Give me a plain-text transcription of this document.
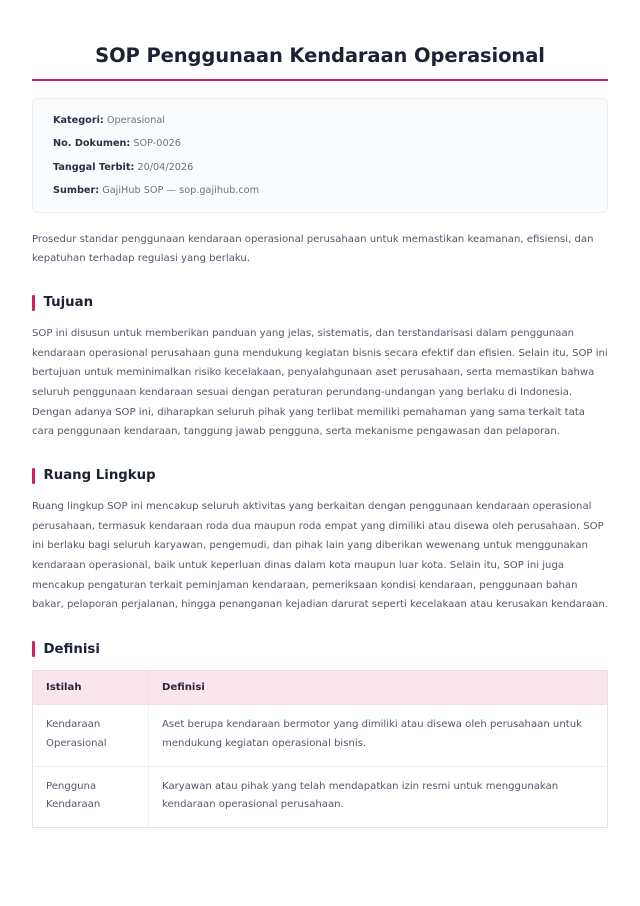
SOP Penggunaan Kendaraan Operasional
Kategori: Operasional
No. Dokumen: SOP-0026
Tanggal Terbit: 20/04/2026
Sumber: GajiHub SOP — sop.gajihub.com

Prosedur standar penggunaan kendaraan operasional perusahaan untuk memastikan keamanan, efisiensi, dan kepatuhan terhadap regulasi yang berlaku.

Tujuan

SOP ini disusun untuk memberikan panduan yang jelas, sistematis, dan terstandarisasi dalam penggunaan kendaraan operasional perusahaan guna mendukung kegiatan bisnis secara efektif dan efisien. Selain itu, SOP ini bertujuan untuk meminimalkan risiko kecelakaan, penyalahgunaan aset perusahaan, serta memastikan bahwa seluruh penggunaan kendaraan sesuai dengan peraturan perundang-undangan yang berlaku di Indonesia. Dengan adanya SOP ini, diharapkan seluruh pihak yang terlibat memiliki pemahaman yang sama terkait tata cara penggunaan kendaraan, tanggung jawab pengguna, serta mekanisme pengawasan dan pelaporan.

Ruang Lingkup

Ruang lingkup SOP ini mencakup seluruh aktivitas yang berkaitan dengan penggunaan kendaraan operasional perusahaan, termasuk kendaraan roda dua maupun roda empat yang dimiliki atau disewa oleh perusahaan. SOP ini berlaku bagi seluruh karyawan, pengemudi, dan pihak lain yang diberikan wewenang untuk menggunakan kendaraan operasional, baik untuk keperluan dinas dalam kota maupun luar kota. Selain itu, SOP ini juga mencakup pengaturan terkait peminjaman kendaraan, pemeriksaan kondisi kendaraan, penggunaan bahan bakar, pelaporan perjalanan, hingga penanganan kejadian darurat seperti kecelakaan atau kerusakan kendaraan.

Definisi
Istilah	Definisi
Kendaraan Operasional	Aset berupa kendaraan bermotor yang dimiliki atau disewa oleh perusahaan untuk mendukung kegiatan operasional bisnis.
Pengguna Kendaraan	Karyawan atau pihak yang telah mendapatkan izin resmi untuk menggunakan kendaraan operasional perusahaan.
